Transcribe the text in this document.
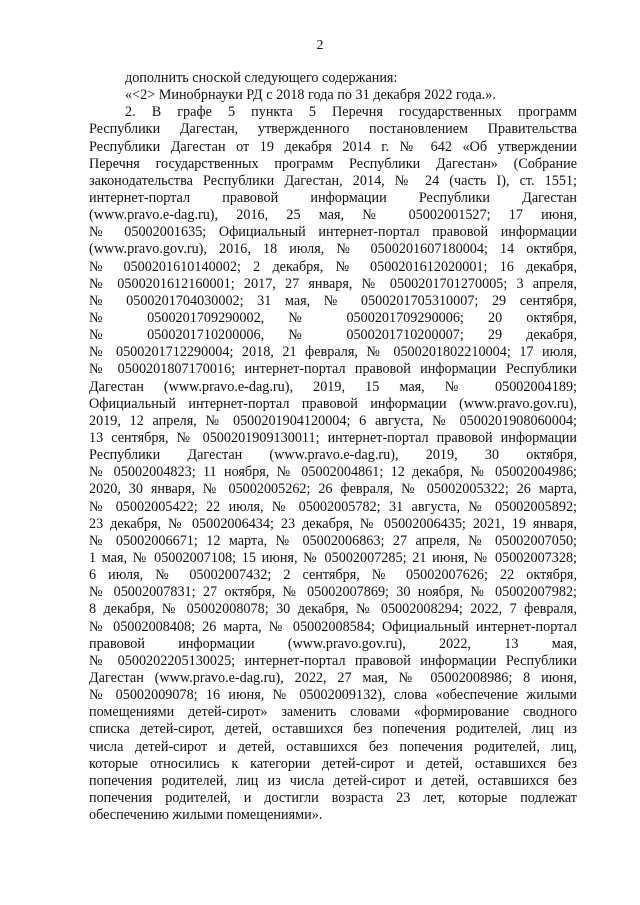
2
дополнить сноской следующего содержания:
«<2> Минобрнауки РД с 2018 года по 31 декабря 2022 года.».
2. В графе 5 пункта 5 Перечня государственных программ
Республики Дагестан, утвержденного постановлением Правительства
Республики Дагестан от 19 декабря 2014 г. № 642 «Об утверждении
Перечня государственных программ Республики Дагестан» (Собрание
законодательства Республики Дагестан, 2014, № 24 (часть I), ст. 1551;
интернет-портал правовой информации Республики Дагестан
(www.pravo.e-dag.ru), 2016, 25 мая, № 05002001527; 17 июня,
№ 05002001635; Официальный интернет-портал правовой информации
(www.pravo.gov.ru), 2016, 18 июля, № 0500201607180004; 14 октября,
№ 0500201610140002; 2 декабря, № 0500201612020001; 16 декабря,
№ 0500201612160001; 2017, 27 января, № 0500201701270005; 3 апреля,
№ 0500201704030002; 31 мая, № 0500201705310007; 29 сентября,
№ 0500201709290002, № 0500201709290006; 20 октября,
№ 0500201710200006, № 0500201710200007; 29 декабря,
№ 0500201712290004; 2018, 21 февраля, № 0500201802210004; 17 июля,
№ 0500201807170016; интернет-портал правовой информации Республики
Дагестан (www.pravo.e-dag.ru), 2019, 15 мая, № 05002004189;
Официальный интернет-портал правовой информации (www.pravo.gov.ru),
2019, 12 апреля, № 0500201904120004; 6 августа, № 0500201908060004;
13 сентября, № 0500201909130011; интернет-портал правовой информации
Республики Дагестан (www.pravo.e-dag.ru), 2019, 30 октября,
№ 05002004823; 11 ноября, № 05002004861; 12 декабря, № 05002004986;
2020, 30 января, № 05002005262; 26 февраля, № 05002005322; 26 марта,
№ 05002005422; 22 июля, № 05002005782; 31 августа, № 05002005892;
23 декабря, № 05002006434; 23 декабря, № 05002006435; 2021, 19 января,
№ 05002006671; 12 марта, № 05002006863; 27 апреля, № 05002007050;
1 мая, № 05002007108; 15 июня, № 05002007285; 21 июня, № 05002007328;
6 июля, № 05002007432; 2 сентября, № 05002007626; 22 октября,
№ 05002007831; 27 октября, № 05002007869; 30 ноября, № 05002007982;
8 декабря, № 05002008078; 30 декабря, № 05002008294; 2022, 7 февраля,
№ 05002008408; 26 марта, № 05002008584; Официальный интернет-портал
правовой информации (www.pravo.gov.ru), 2022, 13 мая,
№ 0500202205130025; интернет-портал правовой информации Республики
Дагестан (www.pravo.e-dag.ru), 2022, 27 мая, № 05002008986; 8 июня,
№ 05002009078; 16 июня, № 05002009132), слова «обеспечение жилыми
помещениями детей-сирот» заменить словами «формирование сводного
списка детей-сирот, детей, оставшихся без попечения родителей, лиц из
числа детей-сирот и детей, оставшихся без попечения родителей, лиц,
которые относились к категории детей-сирот и детей, оставшихся без
попечения родителей, лиц из числа детей-сирот и детей, оставшихся без
попечения родителей, и достигли возраста 23 лет, которые подлежат
обеспечению жилыми помещениями».
